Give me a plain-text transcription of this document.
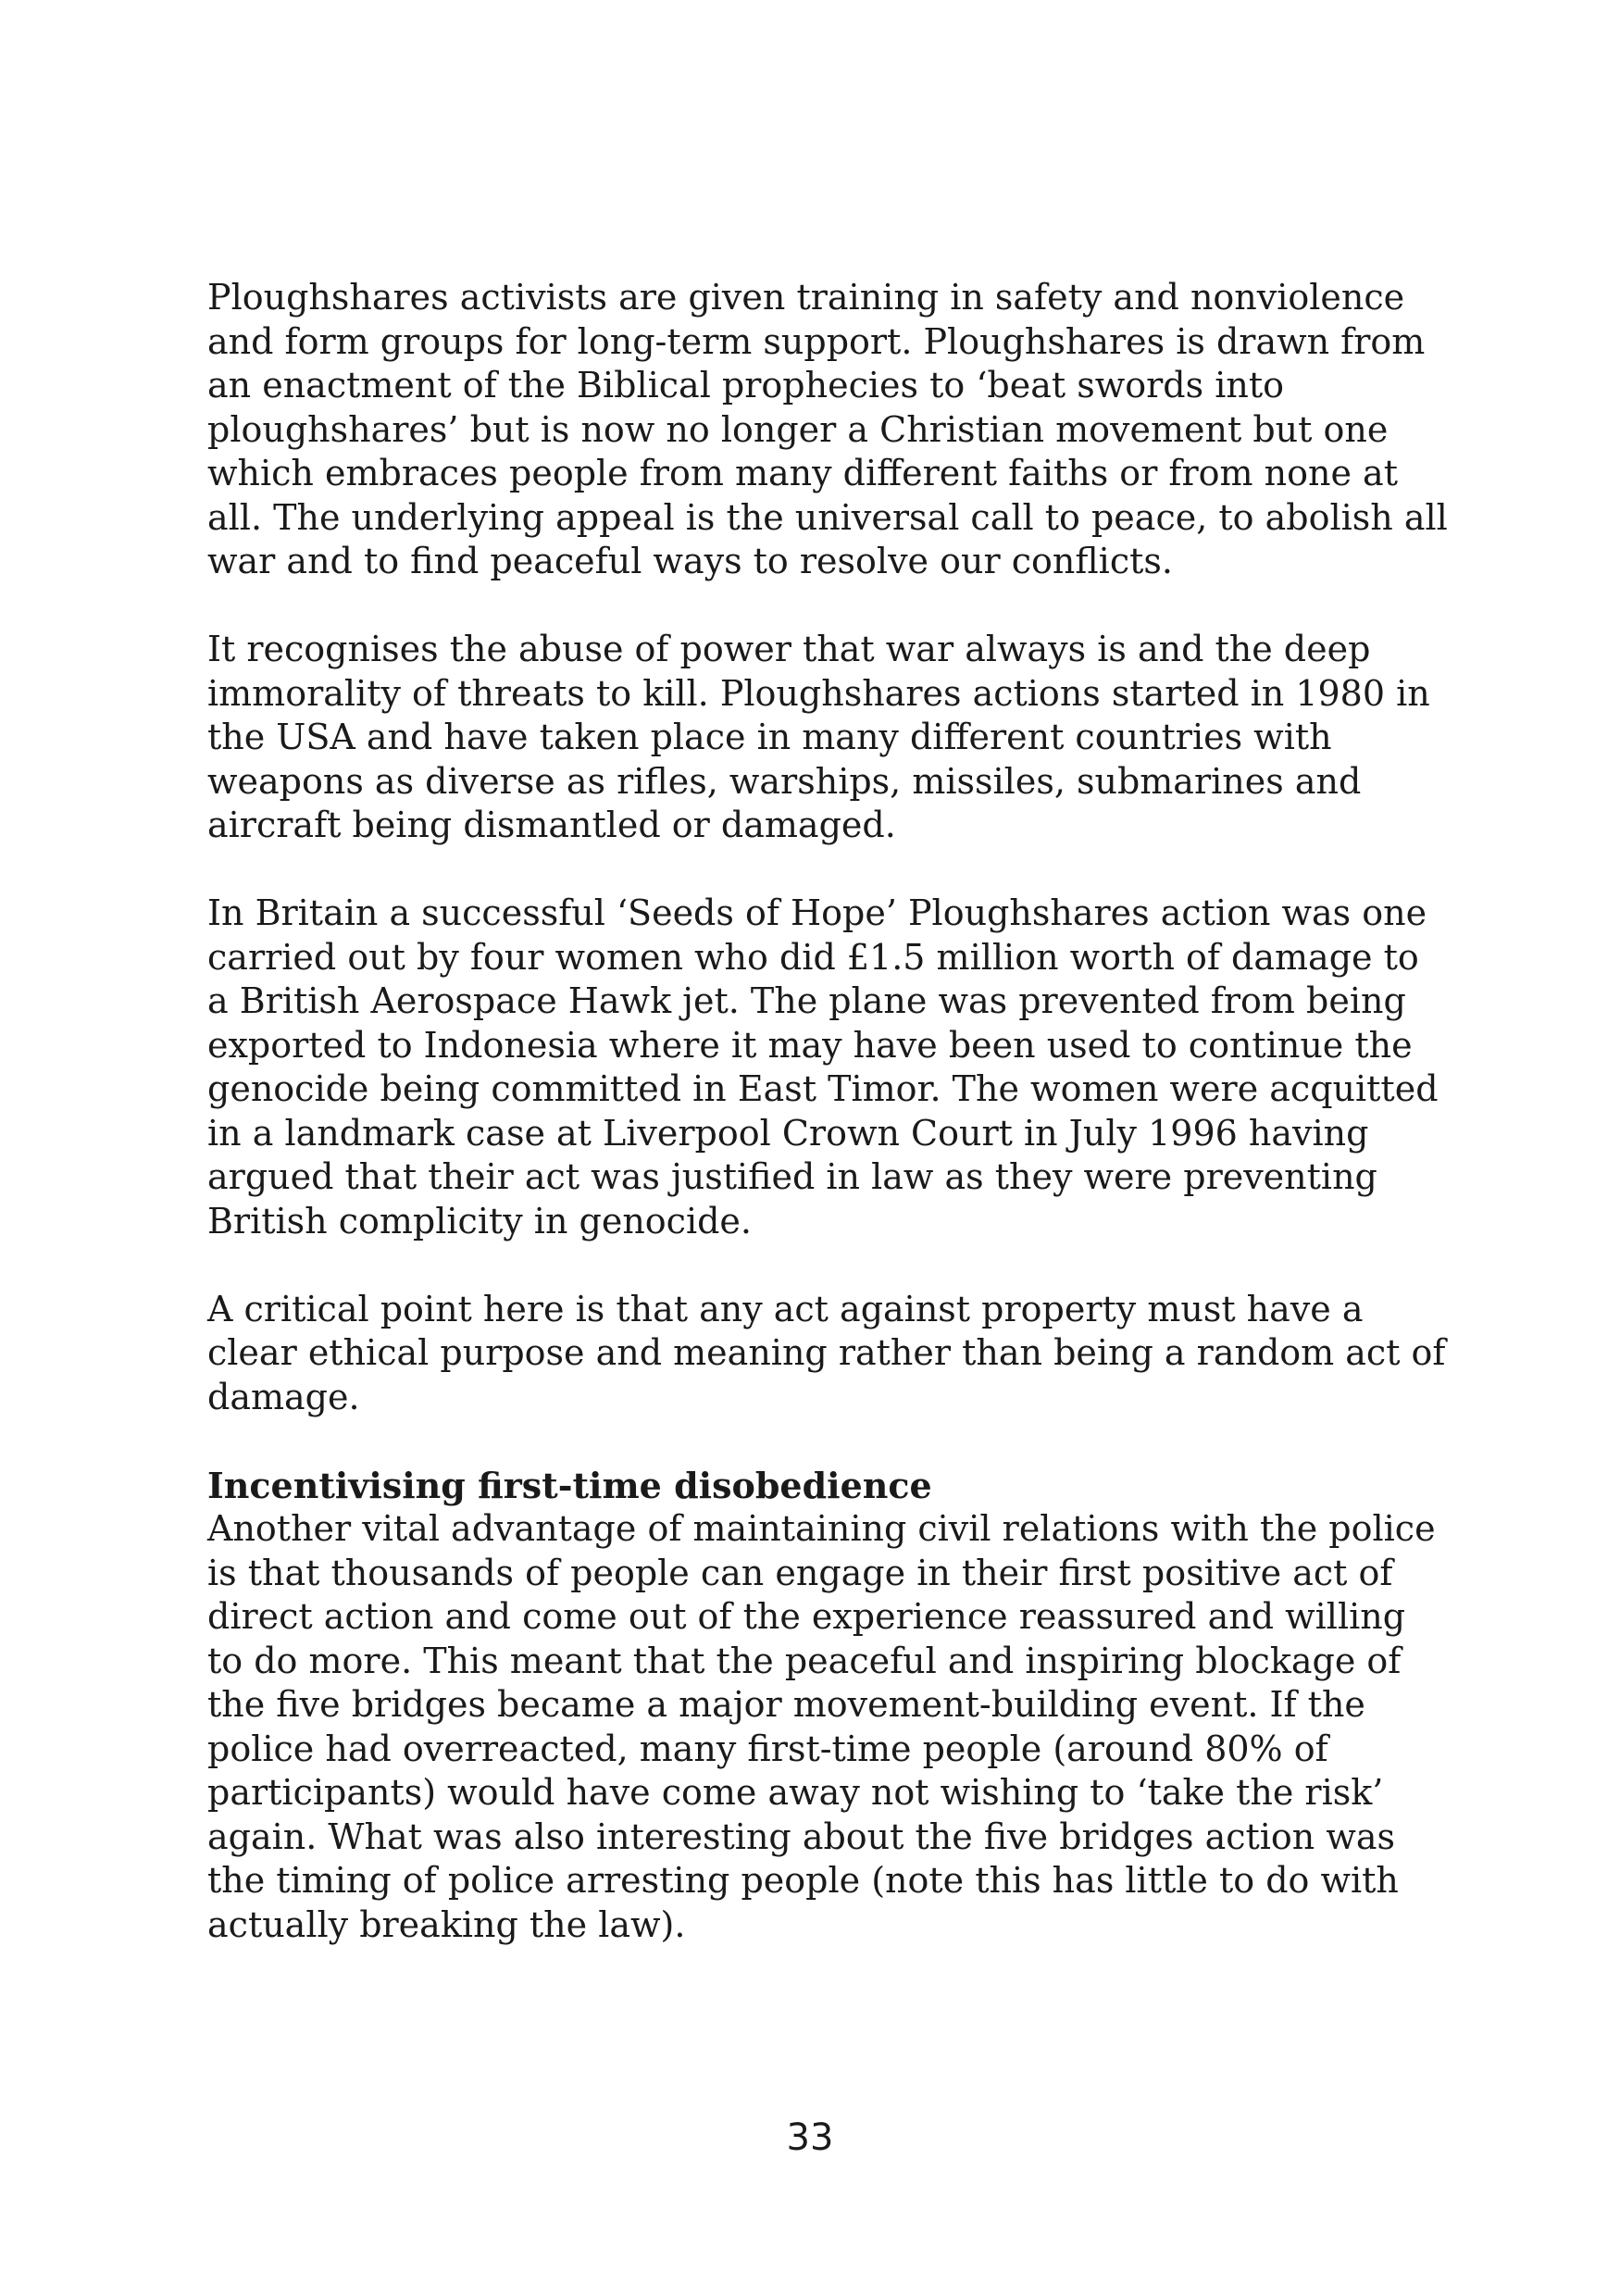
Ploughshares activists are given training in safety and nonviolence and form groups for long-term support. Ploughshares is drawn from an enactment of the Biblical prophecies to ‘beat swords into ploughshares’ but is now no longer a Christian movement but one which embraces people from many different faiths or from none at all. The underlying appeal is the universal call to peace, to abolish all war and to find peaceful ways to resolve our conflicts.

It recognises the abuse of power that war always is and the deep immorality of threats to kill. Ploughshares actions started in 1980 in the USA and have taken place in many different countries with weapons as diverse as rifles, warships, missiles, submarines and aircraft being dismantled or damaged.

In Britain a successful ‘Seeds of Hope’ Ploughshares action was one carried out by four women who did £1.5 million worth of damage to a British Aerospace Hawk jet. The plane was prevented from being exported to Indonesia where it may have been used to continue the genocide being committed in East Timor. The women were acquitted in a landmark case at Liverpool Crown Court in July 1996 having argued that their act was justified in law as they were preventing British complicity in genocide.

A critical point here is that any act against property must have a clear ethical purpose and meaning rather than being a random act of damage.

Incentivising first-time disobedience

Another vital advantage of maintaining civil relations with the police is that thousands of people can engage in their first positive act of direct action and come out of the experience reassured and willing to do more. This meant that the peaceful and inspiring blockage of the five bridges became a major movement-building event. If the police had overreacted, many first-time people (around 80% of participants) would have come away not wishing to ‘take the risk’ again. What was also interesting about the five bridges action was the timing of police arresting people (note this has little to do with actually breaking the law).

33
